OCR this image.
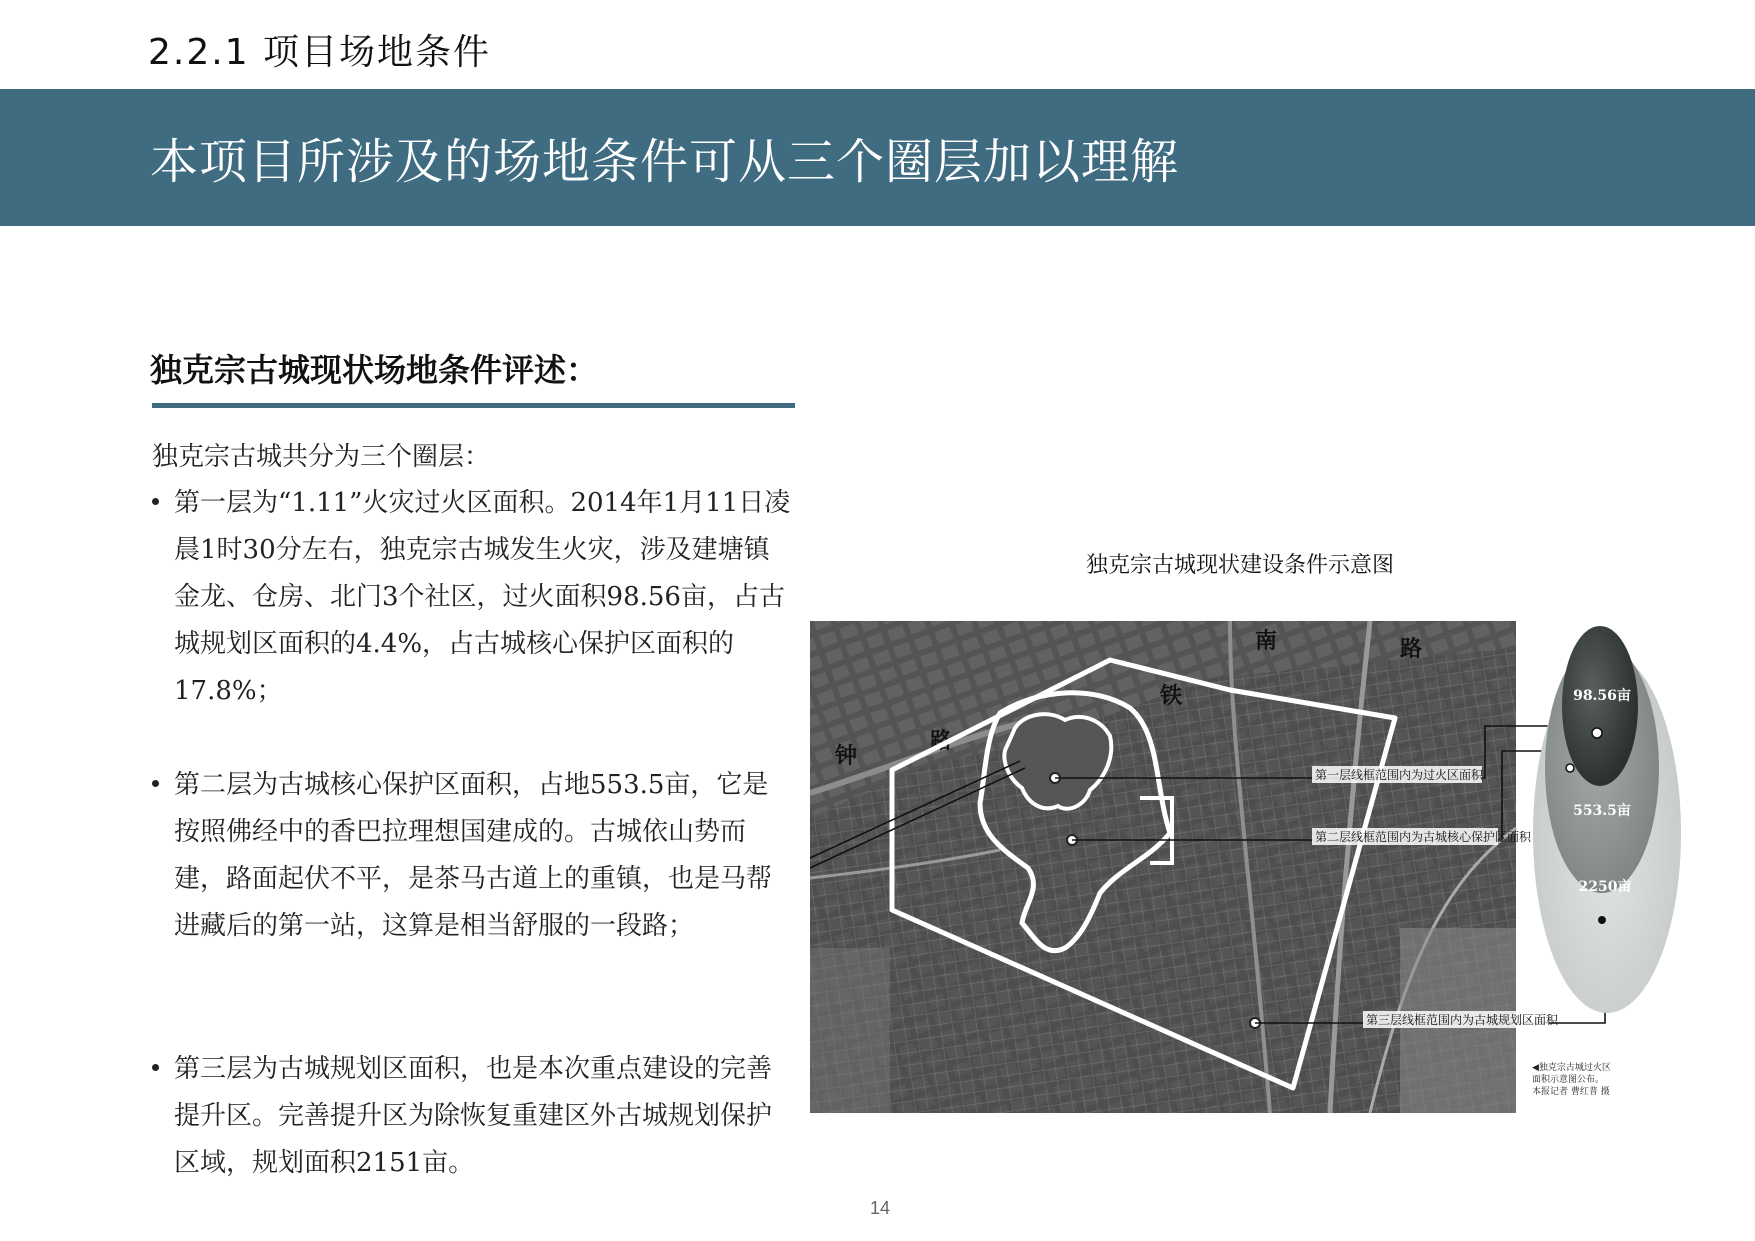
2.2.1 项目场地条件
本项目所涉及的场地条件可从三个圈层加以理解
独克宗古城现状场地条件评述：
独克宗古城共分为三个圈层：
第一层为“1.11”火灾过火区面积。2014年1月11日凌晨1时30分左右，独克宗古城发生火灾，涉及建塘镇金龙、仓房、北门3个社区，过火面积98.56亩，占古城规划区面积的4.4%，占古城核心保护区面积的17.8%；
第二层为古城核心保护区面积，占地553.5亩，它是按照佛经中的香巴拉理想国建成的。古城依山势而建，路面起伏不平，是茶马古道上的重镇，也是马帮进藏后的第一站，这算是相当舒服的一段路；
第三层为古城规划区面积，也是本次重点建设的完善提升区。完善提升区为除恢复重建区外古城规划保护区域，规划面积2151亩。
独克宗古城现状建设条件示意图
南	路
路
铁
钟
第一层线框范围内为过火区面积
第二层线框范围内为古城核心保护区面积
第三层线框范围内为古城规划区面积
98.56亩
553.5亩
2250亩
◀独克宗古城过火区
面积示意图公布。
本报记者 曹红普 摄
14
